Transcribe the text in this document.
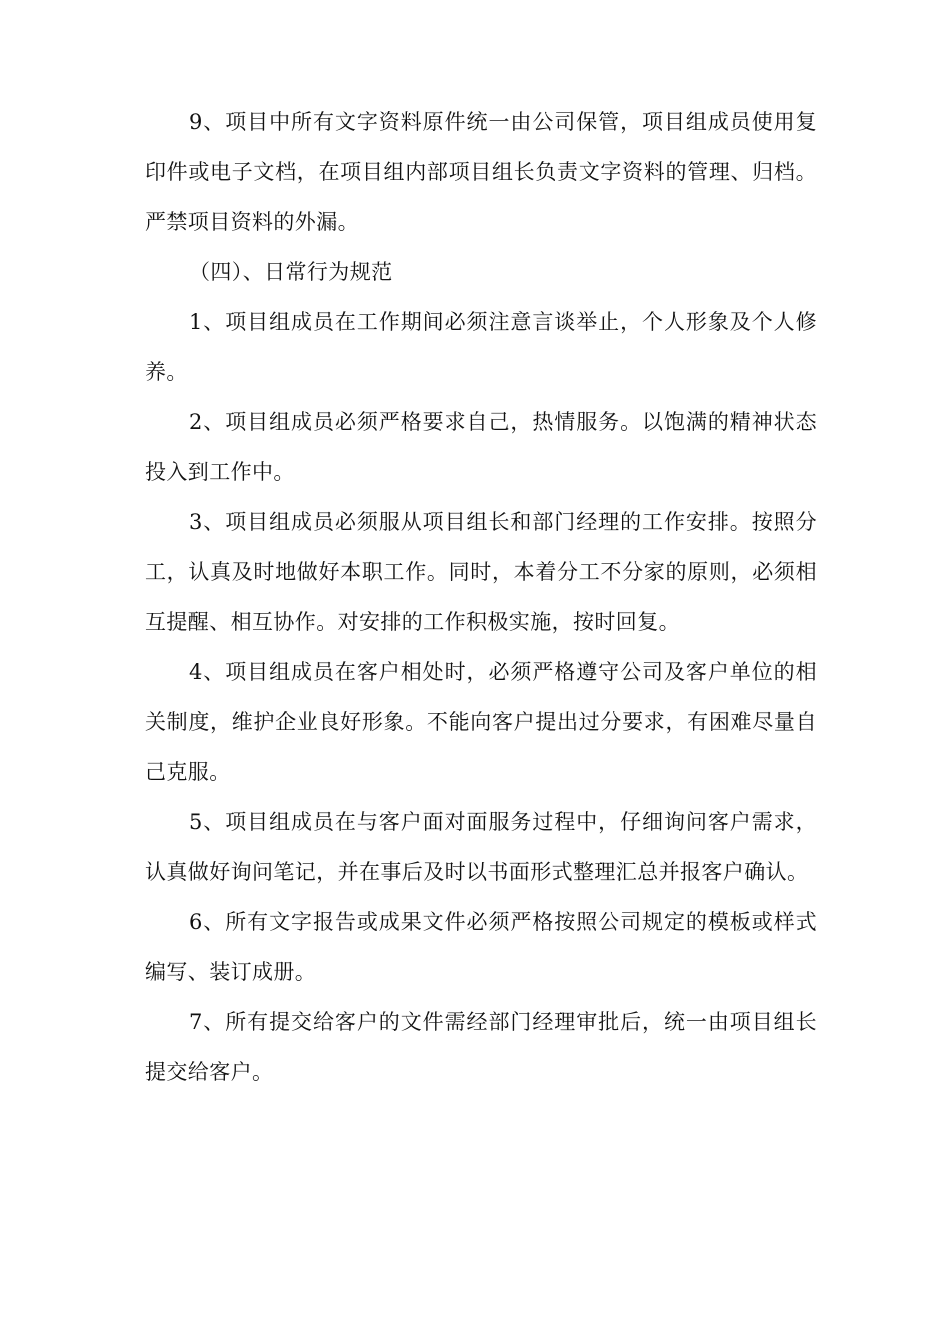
9、项目中所有文字资料原件统一由公司保管，项目组成员使用复印件或电子文档，在项目组内部项目组长负责文字资料的管理、归档。严禁项目资料的外漏。

（四）、日常行为规范

1、项目组成员在工作期间必须注意言谈举止，个人形象及个人修养。

2、项目组成员必须严格要求自己，热情服务。以饱满的精神状态投入到工作中。

3、项目组成员必须服从项目组长和部门经理的工作安排。按照分工，认真及时地做好本职工作。同时，本着分工不分家的原则，必须相互提醒、相互协作。对安排的工作积极实施，按时回复。

4、项目组成员在客户相处时，必须严格遵守公司及客户单位的相关制度，维护企业良好形象。不能向客户提出过分要求，有困难尽量自己克服。

5、项目组成员在与客户面对面服务过程中，仔细询问客户需求，认真做好询问笔记，并在事后及时以书面形式整理汇总并报客户确认。

6、所有文字报告或成果文件必须严格按照公司规定的模板或样式编写、装订成册。

7、所有提交给客户的文件需经部门经理审批后，统一由项目组长提交给客户。
